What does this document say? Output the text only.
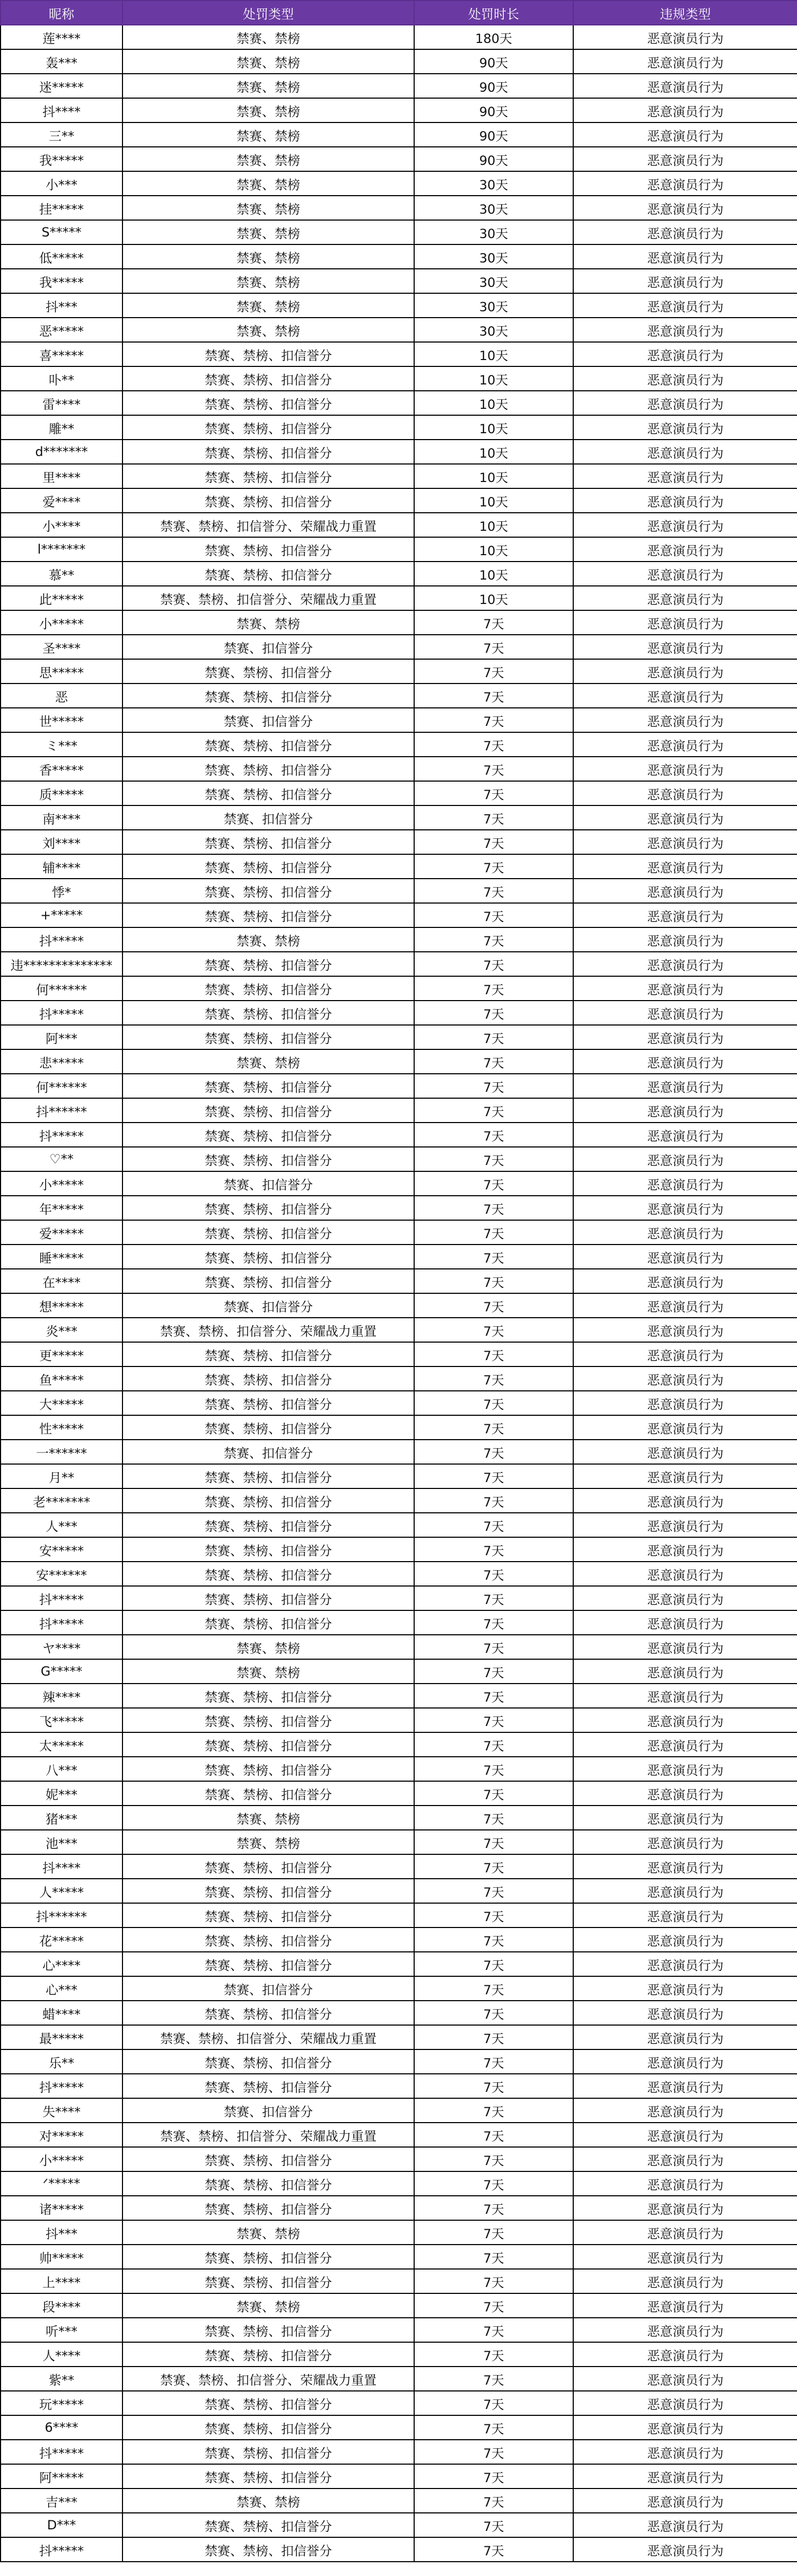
昵称	处罚类型	处罚时长	违规类型
莲****	禁赛、禁榜	180天	恶意演员行为
轰***	禁赛、禁榜	90天	恶意演员行为
迷*****	禁赛、禁榜	90天	恶意演员行为
抖****	禁赛、禁榜	90天	恶意演员行为
三**	禁赛、禁榜	90天	恶意演员行为
我*****	禁赛、禁榜	90天	恶意演员行为
小***	禁赛、禁榜	30天	恶意演员行为
挂*****	禁赛、禁榜	30天	恶意演员行为
S*****	禁赛、禁榜	30天	恶意演员行为
低*****	禁赛、禁榜	30天	恶意演员行为
我*****	禁赛、禁榜	30天	恶意演员行为
抖***	禁赛、禁榜	30天	恶意演员行为
恶*****	禁赛、禁榜	30天	恶意演员行为
喜*****	禁赛、禁榜、扣信誉分	10天	恶意演员行为
卟**	禁赛、禁榜、扣信誉分	10天	恶意演员行为
雷****	禁赛、禁榜、扣信誉分	10天	恶意演员行为
雕**	禁赛、禁榜、扣信誉分	10天	恶意演员行为
d*******	禁赛、禁榜、扣信誉分	10天	恶意演员行为
里****	禁赛、禁榜、扣信誉分	10天	恶意演员行为
爱****	禁赛、禁榜、扣信誉分	10天	恶意演员行为
小****	禁赛、禁榜、扣信誉分、荣耀战力重置	10天	恶意演员行为
l*******	禁赛、禁榜、扣信誉分	10天	恶意演员行为
慕**	禁赛、禁榜、扣信誉分	10天	恶意演员行为
此*****	禁赛、禁榜、扣信誉分、荣耀战力重置	10天	恶意演员行为
小*****	禁赛、禁榜	7天	恶意演员行为
圣****	禁赛、扣信誉分	7天	恶意演员行为
思*****	禁赛、禁榜、扣信誉分	7天	恶意演员行为
恶	禁赛、禁榜、扣信誉分	7天	恶意演员行为
世*****	禁赛、扣信誉分	7天	恶意演员行为
ミ***	禁赛、禁榜、扣信誉分	7天	恶意演员行为
香*****	禁赛、禁榜、扣信誉分	7天	恶意演员行为
质*****	禁赛、禁榜、扣信誉分	7天	恶意演员行为
南****	禁赛、扣信誉分	7天	恶意演员行为
刘****	禁赛、禁榜、扣信誉分	7天	恶意演员行为
辅****	禁赛、禁榜、扣信誉分	7天	恶意演员行为
悸*	禁赛、禁榜、扣信誉分	7天	恶意演员行为
+*****	禁赛、禁榜、扣信誉分	7天	恶意演员行为
抖*****	禁赛、禁榜	7天	恶意演员行为
违**************	禁赛、禁榜、扣信誉分	7天	恶意演员行为
何******	禁赛、禁榜、扣信誉分	7天	恶意演员行为
抖*****	禁赛、禁榜、扣信誉分	7天	恶意演员行为
阿***	禁赛、禁榜、扣信誉分	7天	恶意演员行为
悲*****	禁赛、禁榜	7天	恶意演员行为
何******	禁赛、禁榜、扣信誉分	7天	恶意演员行为
抖******	禁赛、禁榜、扣信誉分	7天	恶意演员行为
抖*****	禁赛、禁榜、扣信誉分	7天	恶意演员行为
♡**	禁赛、禁榜、扣信誉分	7天	恶意演员行为
小*****	禁赛、扣信誉分	7天	恶意演员行为
年*****	禁赛、禁榜、扣信誉分	7天	恶意演员行为
爱*****	禁赛、禁榜、扣信誉分	7天	恶意演员行为
睡*****	禁赛、禁榜、扣信誉分	7天	恶意演员行为
在****	禁赛、禁榜、扣信誉分	7天	恶意演员行为
想*****	禁赛、扣信誉分	7天	恶意演员行为
炎***	禁赛、禁榜、扣信誉分、荣耀战力重置	7天	恶意演员行为
更*****	禁赛、禁榜、扣信誉分	7天	恶意演员行为
鱼*****	禁赛、禁榜、扣信誉分	7天	恶意演员行为
大*****	禁赛、禁榜、扣信誉分	7天	恶意演员行为
性*****	禁赛、禁榜、扣信誉分	7天	恶意演员行为
一******	禁赛、扣信誉分	7天	恶意演员行为
月**	禁赛、禁榜、扣信誉分	7天	恶意演员行为
老*******	禁赛、禁榜、扣信誉分	7天	恶意演员行为
人***	禁赛、禁榜、扣信誉分	7天	恶意演员行为
安*****	禁赛、禁榜、扣信誉分	7天	恶意演员行为
安******	禁赛、禁榜、扣信誉分	7天	恶意演员行为
抖*****	禁赛、禁榜、扣信誉分	7天	恶意演员行为
抖*****	禁赛、禁榜、扣信誉分	7天	恶意演员行为
ヤ****	禁赛、禁榜	7天	恶意演员行为
G*****	禁赛、禁榜	7天	恶意演员行为
辣****	禁赛、禁榜、扣信誉分	7天	恶意演员行为
飞*****	禁赛、禁榜、扣信誉分	7天	恶意演员行为
太*****	禁赛、禁榜、扣信誉分	7天	恶意演员行为
八***	禁赛、禁榜、扣信誉分	7天	恶意演员行为
妮***	禁赛、禁榜、扣信誉分	7天	恶意演员行为
猪***	禁赛、禁榜	7天	恶意演员行为
池***	禁赛、禁榜	7天	恶意演员行为
抖****	禁赛、禁榜、扣信誉分	7天	恶意演员行为
人*****	禁赛、禁榜、扣信誉分	7天	恶意演员行为
抖******	禁赛、禁榜、扣信誉分	7天	恶意演员行为
花*****	禁赛、禁榜、扣信誉分	7天	恶意演员行为
心****	禁赛、禁榜、扣信誉分	7天	恶意演员行为
心***	禁赛、扣信誉分	7天	恶意演员行为
蜡****	禁赛、禁榜、扣信誉分	7天	恶意演员行为
最*****	禁赛、禁榜、扣信誉分、荣耀战力重置	7天	恶意演员行为
乐**	禁赛、禁榜、扣信誉分	7天	恶意演员行为
抖*****	禁赛、禁榜、扣信誉分	7天	恶意演员行为
失****	禁赛、扣信誉分	7天	恶意演员行为
对*****	禁赛、禁榜、扣信誉分、荣耀战力重置	7天	恶意演员行为
小*****	禁赛、禁榜、扣信誉分	7天	恶意演员行为
ᐟ*****	禁赛、禁榜、扣信誉分	7天	恶意演员行为
诸*****	禁赛、禁榜、扣信誉分	7天	恶意演员行为
抖***	禁赛、禁榜	7天	恶意演员行为
帅*****	禁赛、禁榜、扣信誉分	7天	恶意演员行为
上****	禁赛、禁榜、扣信誉分	7天	恶意演员行为
段****	禁赛、禁榜	7天	恶意演员行为
听***	禁赛、禁榜、扣信誉分	7天	恶意演员行为
人****	禁赛、禁榜、扣信誉分	7天	恶意演员行为
紫**	禁赛、禁榜、扣信誉分、荣耀战力重置	7天	恶意演员行为
玩*****	禁赛、禁榜、扣信誉分	7天	恶意演员行为
6****	禁赛、禁榜、扣信誉分	7天	恶意演员行为
抖*****	禁赛、禁榜、扣信誉分	7天	恶意演员行为
阿*****	禁赛、禁榜、扣信誉分	7天	恶意演员行为
吉***	禁赛、禁榜	7天	恶意演员行为
D***	禁赛、禁榜、扣信誉分	7天	恶意演员行为
抖*****	禁赛、禁榜、扣信誉分	7天	恶意演员行为
